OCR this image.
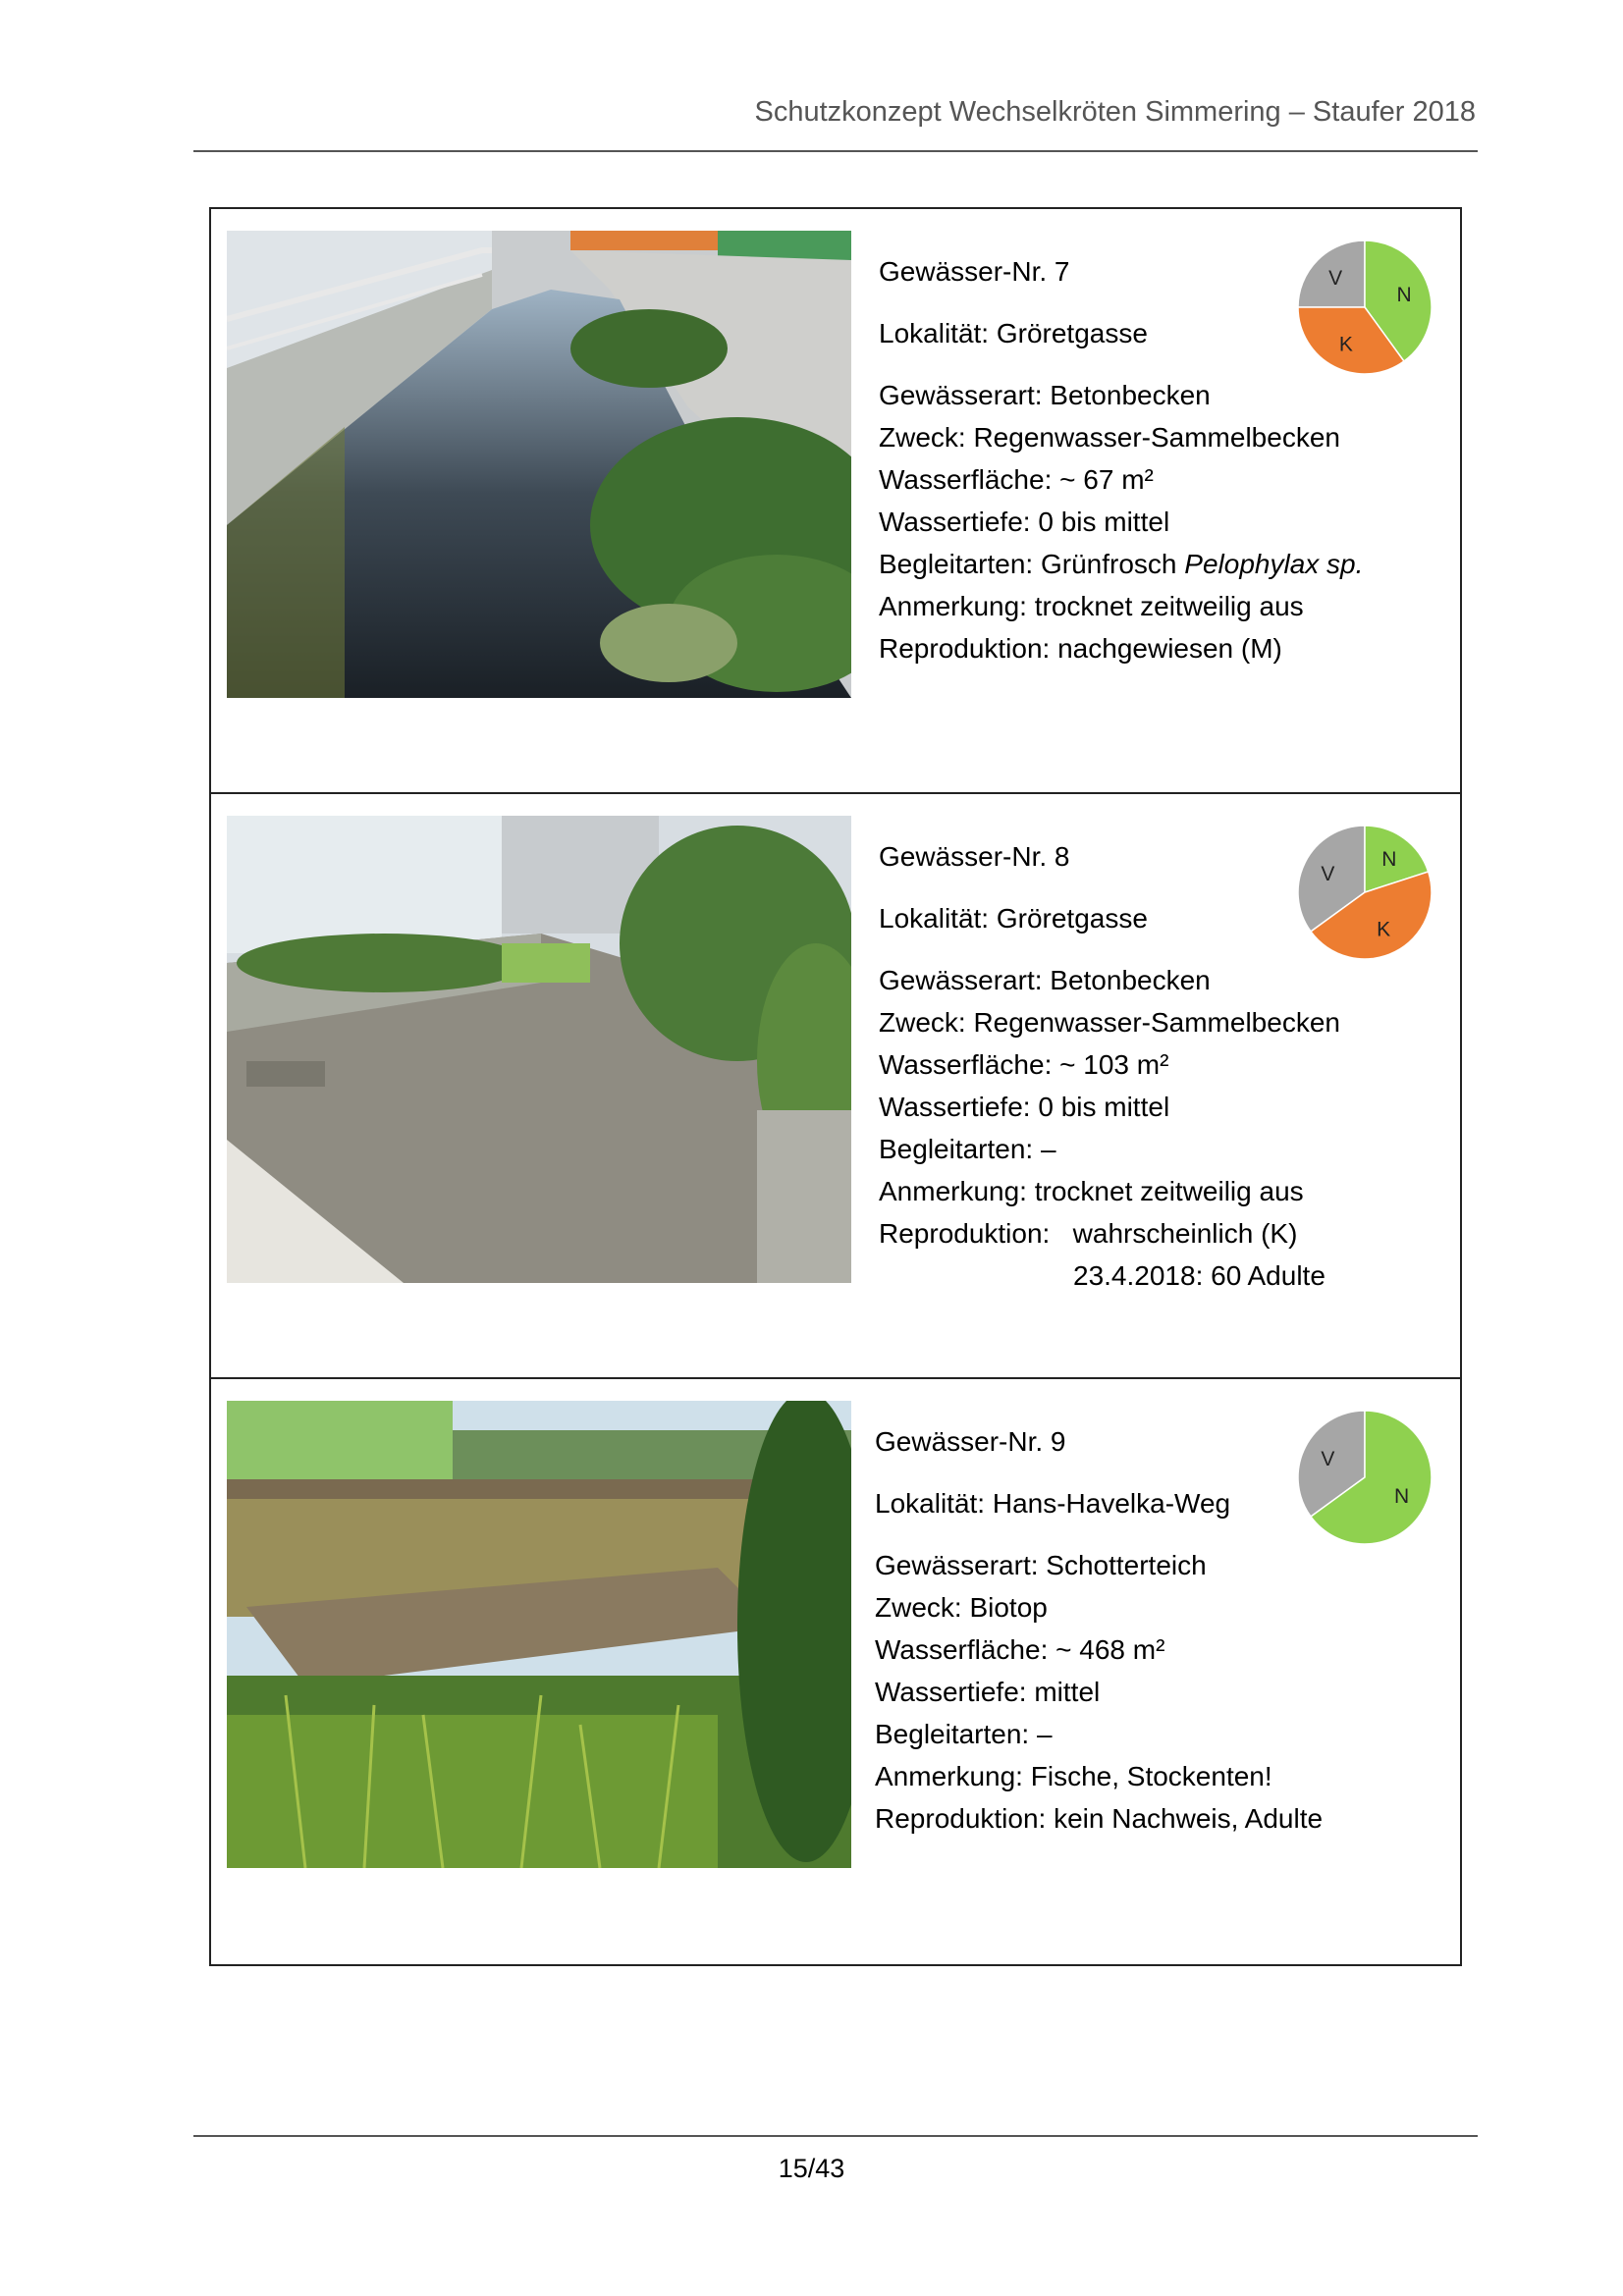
Schutzkonzept Wechselkröten Simmering – Staufer 2018
Gewässer-Nr. 7
Lokalität: Gröretgasse
Gewässerart: Betonbecken
Zweck: Regenwasser-Sammelbecken
Wasserfläche: ~ 67 m²
Wassertiefe: 0 bis mittel
Begleitarten: Grünfrosch Pelophylax sp.
Anmerkung: trocknet zeitweilig aus
Reproduktion: nachgewiesen (M)
V
N
K
Gewässer-Nr. 8
Lokalität: Gröretgasse
Gewässerart: Betonbecken
Zweck: Regenwasser-Sammelbecken
Wasserfläche: ~ 103 m²
Wassertiefe: 0 bis mittel
Begleitarten: –
Anmerkung: trocknet zeitweilig aus
Reproduktion:   wahrscheinlich (K)
23.4.2018: 60 Adulte
V
N
K
Gewässer-Nr. 9
Lokalität: Hans-Havelka-Weg
Gewässerart: Schotterteich
Zweck: Biotop
Wasserfläche: ~ 468 m²
Wassertiefe: mittel
Begleitarten: –
Anmerkung: Fische, Stockenten!
Reproduktion: kein Nachweis, Adulte
V
N
15/43
